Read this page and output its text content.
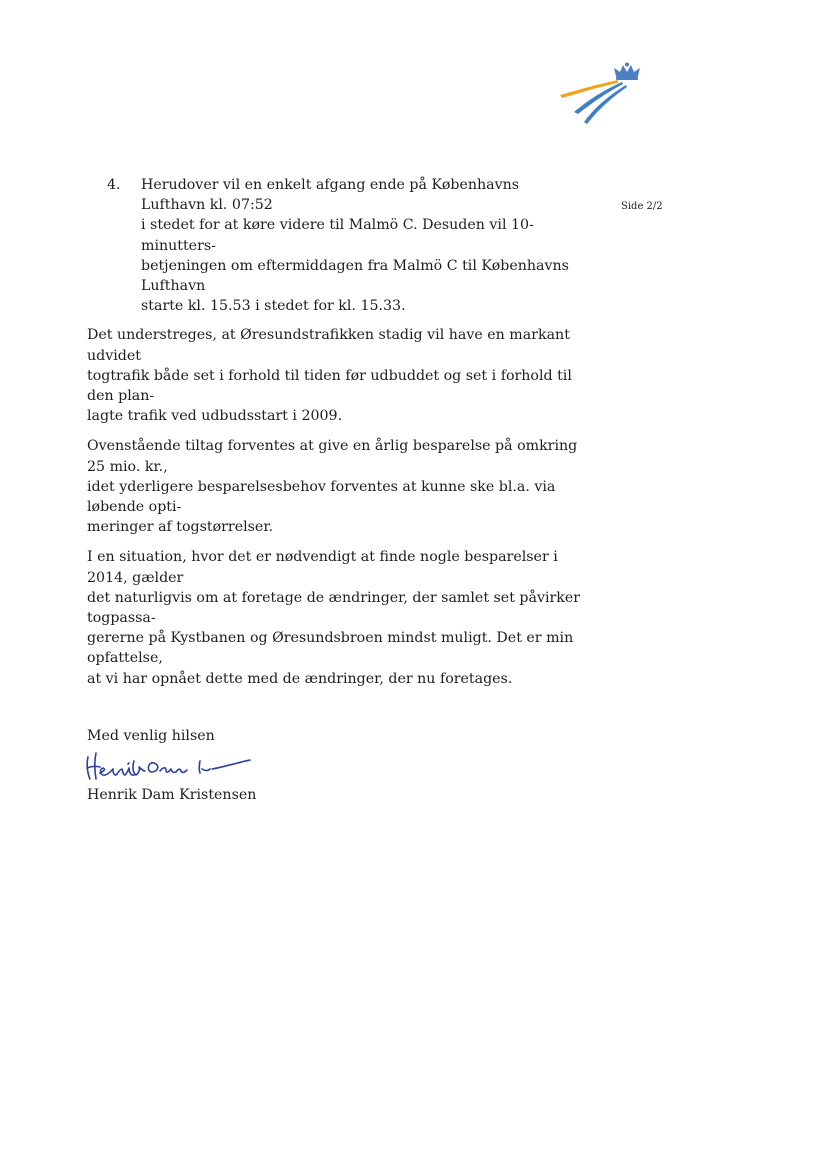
Side 2/2
4.	Herudover vil en enkelt afgang ende på Københavns Lufthavn kl. 07:52
i stedet for at køre videre til Malmö C. Desuden vil 10-minutters-
betjeningen om eftermiddagen fra Malmö C til Københavns Lufthavn
starte kl. 15.53 i stedet for kl. 15.33.

Det understreges, at Øresundstrafikken stadig vil have en markant udvidet
togtrafik både set i forhold til tiden før udbuddet og set i forhold til den plan-
lagte trafik ved udbudsstart i 2009.

Ovenstående tiltag forventes at give en årlig besparelse på omkring 25 mio. kr.,
idet yderligere besparelsesbehov forventes at kunne ske bl.a. via løbende opti-
meringer af togstørrelser.

I en situation, hvor det er nødvendigt at finde nogle besparelser i 2014, gælder
det naturligvis om at foretage de ændringer, der samlet set påvirker togpassa-
gererne på Kystbanen og Øresundsbroen mindst muligt. Det er min opfattelse,
at vi har opnået dette med de ændringer, der nu foretages.

Med venlig hilsen
Henrik Dam Kristensen
